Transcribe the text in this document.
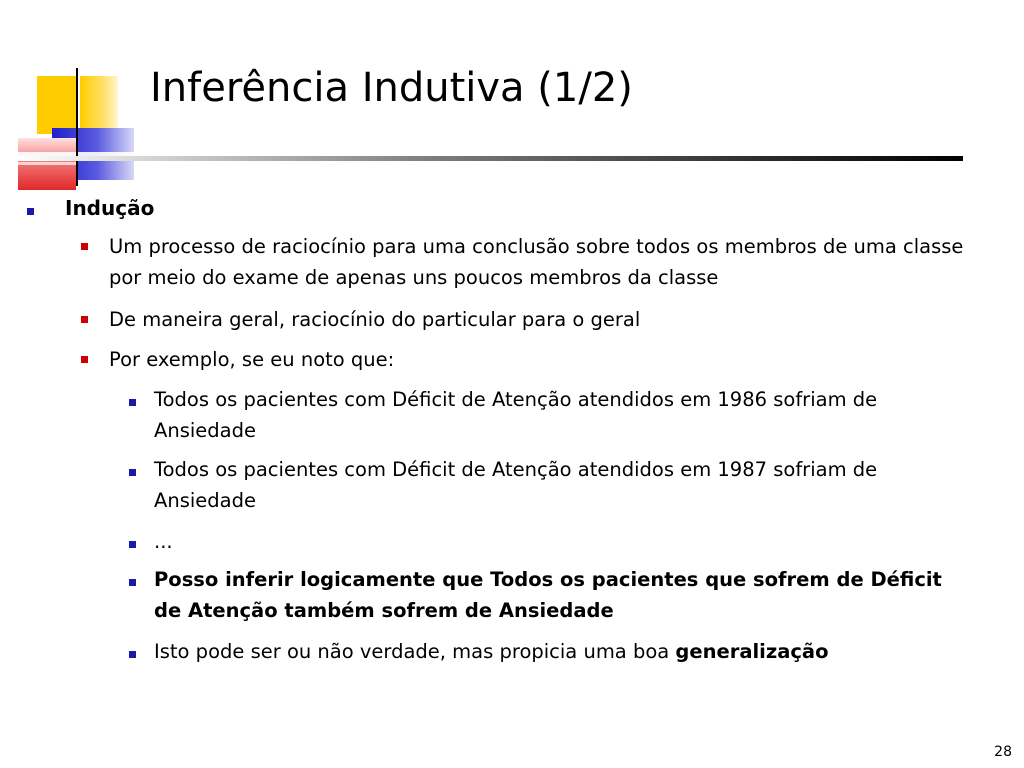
Inferência Indutiva (1/2)
Indução
Um processo de raciocínio para uma conclusão sobre todos os membros de uma classe por meio do exame de apenas uns poucos membros da classe
De maneira geral, raciocínio do particular para o geral
Por exemplo, se eu noto que:
Todos os pacientes com Déficit de Atenção atendidos em 1986 sofriam de Ansiedade
Todos os pacientes com Déficit de Atenção atendidos em 1987 sofriam de Ansiedade
...
Posso inferir logicamente que Todos os pacientes que sofrem de Déficit de Atenção também sofrem de Ansiedade
Isto pode ser ou não verdade, mas propicia uma boa generalização
28
